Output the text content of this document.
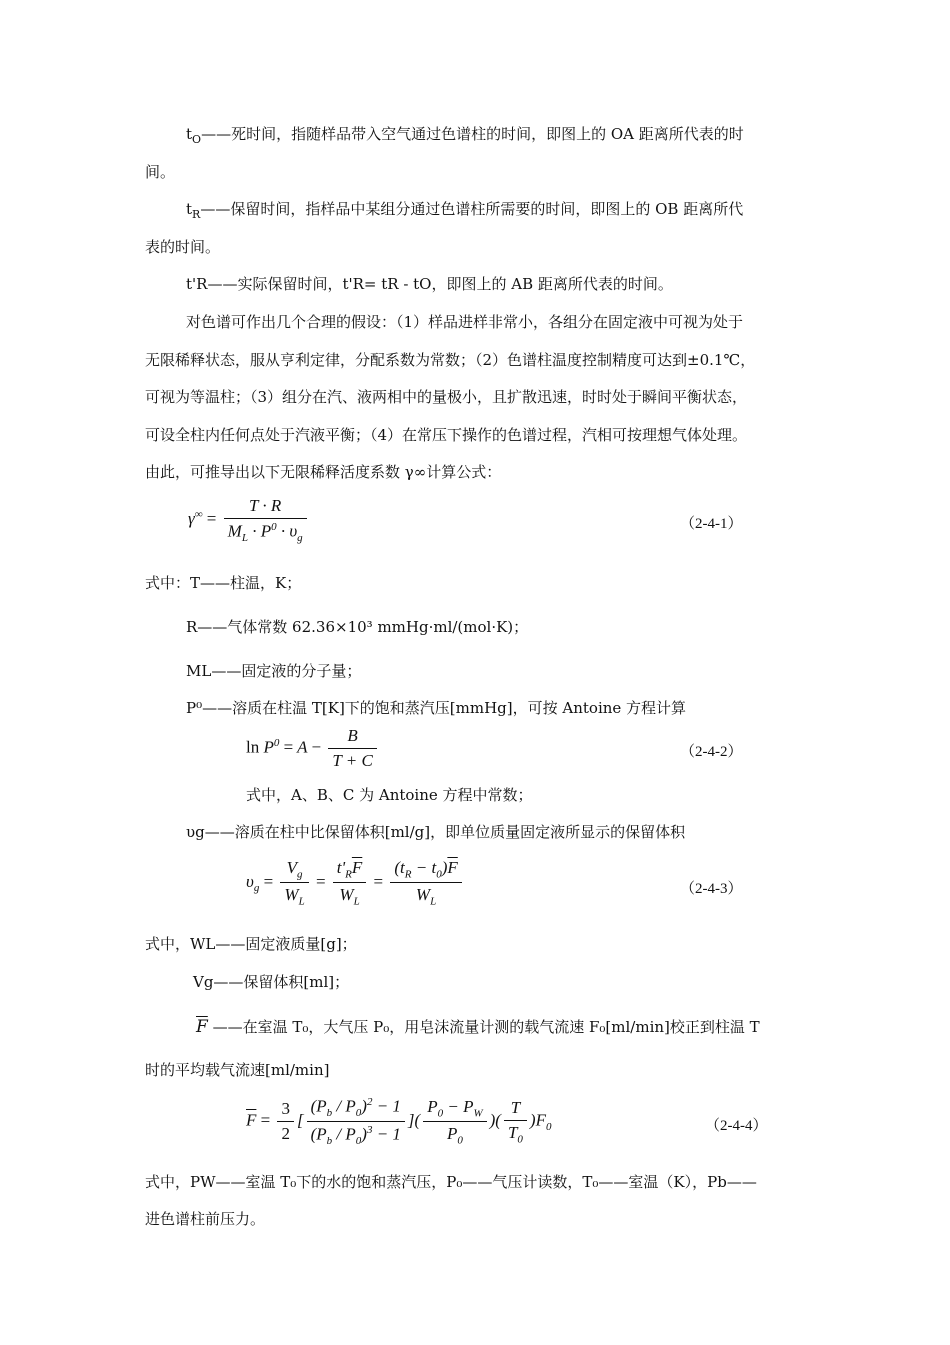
$t_O——$死时间，指随样品带入空气通过色谱柱的时间，即图上的 OA 距离所代表的时
间。
$t_R——$保留时间，指样品中某组分通过色谱柱所需要的时间，即图上的 OB 距离所代
表的时间。
t'R——实际保留时间，t'R= tR - tO，即图上的 AB 距离所代表的时间。
对色谱可作出几个合理的假设：（1）样品进样非常小，各组分在固定液中可视为处于
无限稀释状态，服从亨利定律，分配系数为常数；（2）色谱柱温度控制精度可达到±0.1℃，
可视为等温柱；（3）组分在汽、液两相中的量极小，且扩散迅速，时时处于瞬间平衡状态，
可设全柱内任何点处于汽液平衡；（4）在常压下操作的色谱过程，汽相可按理想气体处理。
由此，可推导出以下无限稀释活度系数 γ∞计算公式：
$\gamma^\infty = \frac{T \cdot R}{M_L \cdot P^0 \cdot \upsilon_g}$	（2-4-1）
式中：T——柱温，K；
R——气体常数 62.36×10³ mmHg·ml/(mol·K)；
ML——固定液的分子量；
P⁰——溶质在柱温 T[K]下的饱和蒸汽压[mmHg]，可按 Antoine 方程计算
$\ln P^0 = A - \frac{B}{T + C}$	（2-4-2）
式中，A、B、C 为 Antoine 方程中常数；
υg——溶质在柱中比保留体积[ml/g]，即单位质量固定液所显示的保留体积
$\upsilon_g = \frac{V_g}{W_L} = \frac{t'_R\overline{F}}{W_L} = \frac{(t_R - t_0)\overline{F}}{W_L}$	（2-4-3）
式中，WL——固定液质量[g]；
Vg——保留体积[ml]；
$\overline{F}$ ——在室温 T₀，大气压 P₀，用皂沫流量计测的载气流速 F₀[ml/min]校正到柱温 T
时的平均载气流速[ml/min]
$\overline{F} = \frac{3}{2}$ [ $\frac{(P_b / P_0)^2 - 1}{(P_b / P_0)^3 - 1}$ ]( $\frac{P_0 - P_W}{P_0}$ )( $\frac{T}{T_0} )F_0$	（2-4-4）
式中，PW——室温 T₀下的水的饱和蒸汽压，P₀——气压计读数，T₀——室温（K），Pb——
进色谱柱前压力。
